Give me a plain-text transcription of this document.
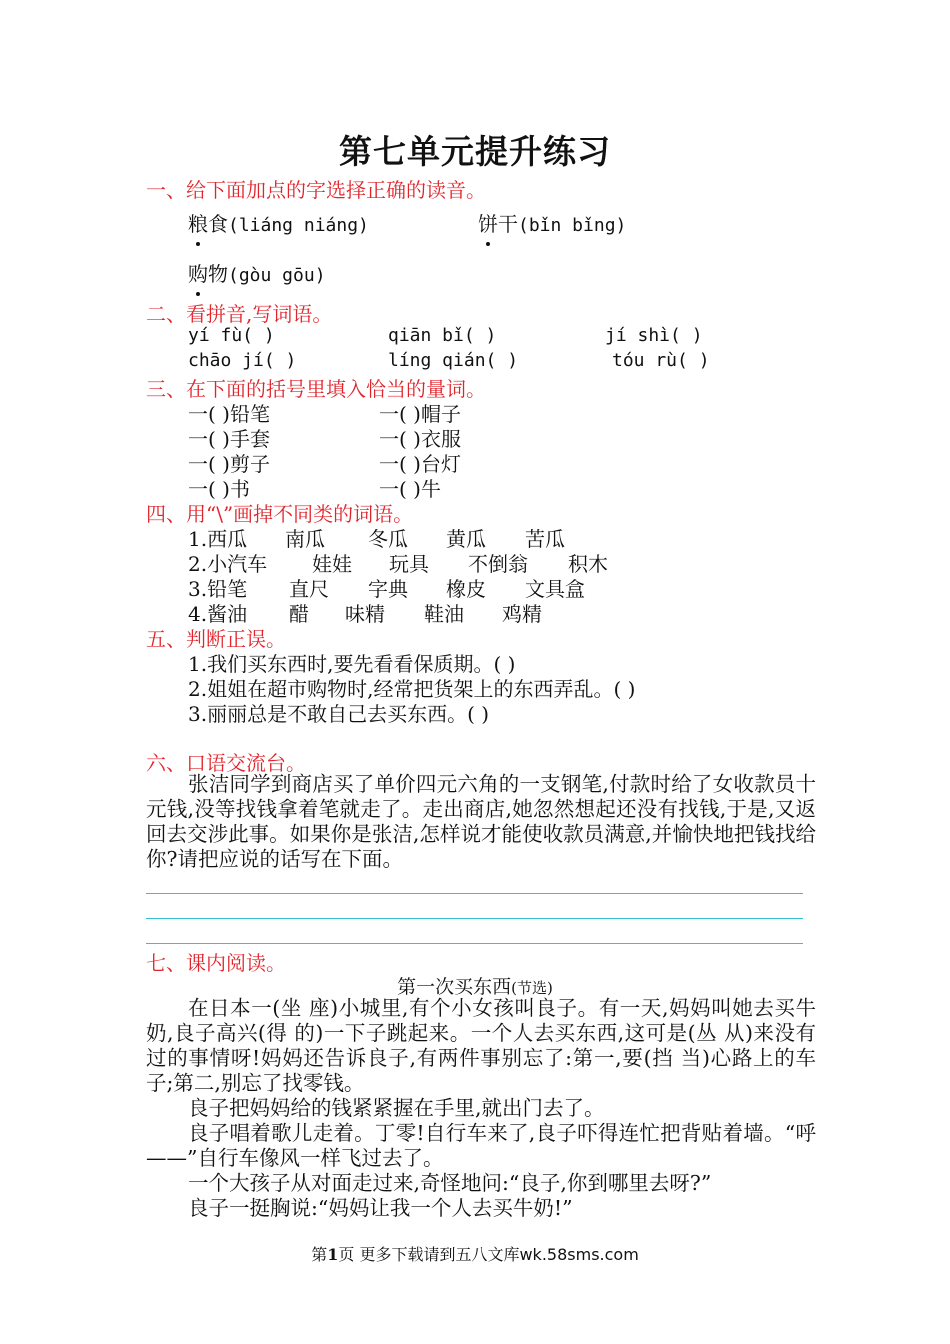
第七单元提升练习
一、给下面加点的字选择正确的读音。
粮食(liáng niáng)	饼干(bǐn bǐng)
购物(gòu gōu)
二、看拼音,写词语。
yí fù( )	qiān bǐ( )	jí shì( )
chāo jí( )	líng qián( )	tóu rù( )
三、在下面的括号里填入恰当的量词。
一( )铅笔	一( )帽子
一( )手套	一( )衣服
一( )剪子	一( )台灯
一( )书	一( )牛
四、用“\”画掉不同类的词语。
1.西瓜 南瓜 冬瓜 黄瓜 苦瓜
2.小汽车 娃娃 玩具 不倒翁 积木
3.铅笔 直尺 字典 橡皮 文具盒
4.酱油 醋 味精 鞋油 鸡精
五、判断正误。
1.我们买东西时,要先看看保质期。( )
2.姐姐在超市购物时,经常把货架上的东西弄乱。( )
3.丽丽总是不敢自己去买东西。( )
六、口语交流台。
张洁同学到商店买了单价四元六角的一支钢笔,付款时给了女收款员十元钱,没等找钱拿着笔就走了。走出商店,她忽然想起还没有找钱,于是,又返回去交涉此事。如果你是张洁,怎样说才能使收款员满意,并愉快地把钱找给你?请把应说的话写在下面。
七、课内阅读。
第一次买东西(节选)
在日本一(坐 座)小城里,有个小女孩叫良子。有一天,妈妈叫她去买牛奶,良子高兴(得 的)一下子跳起来。一个人去买东西,这可是(丛 从)来没有过的事情呀!妈妈还告诉良子,有两件事别忘了:第一,要(挡 当)心路上的车子;第二,别忘了找零钱。
良子把妈妈给的钱紧紧握在手里,就出门去了。
良子唱着歌儿走着。丁零!自行车来了,良子吓得连忙把背贴着墙。“呼——”自行车像风一样飞过去了。
一个大孩子从对面走过来,奇怪地问:“良子,你到哪里去呀?”
良子一挺胸说:“妈妈让我一个人去买牛奶!”
第1页 更多下载请到五八文库wk.58sms.com
